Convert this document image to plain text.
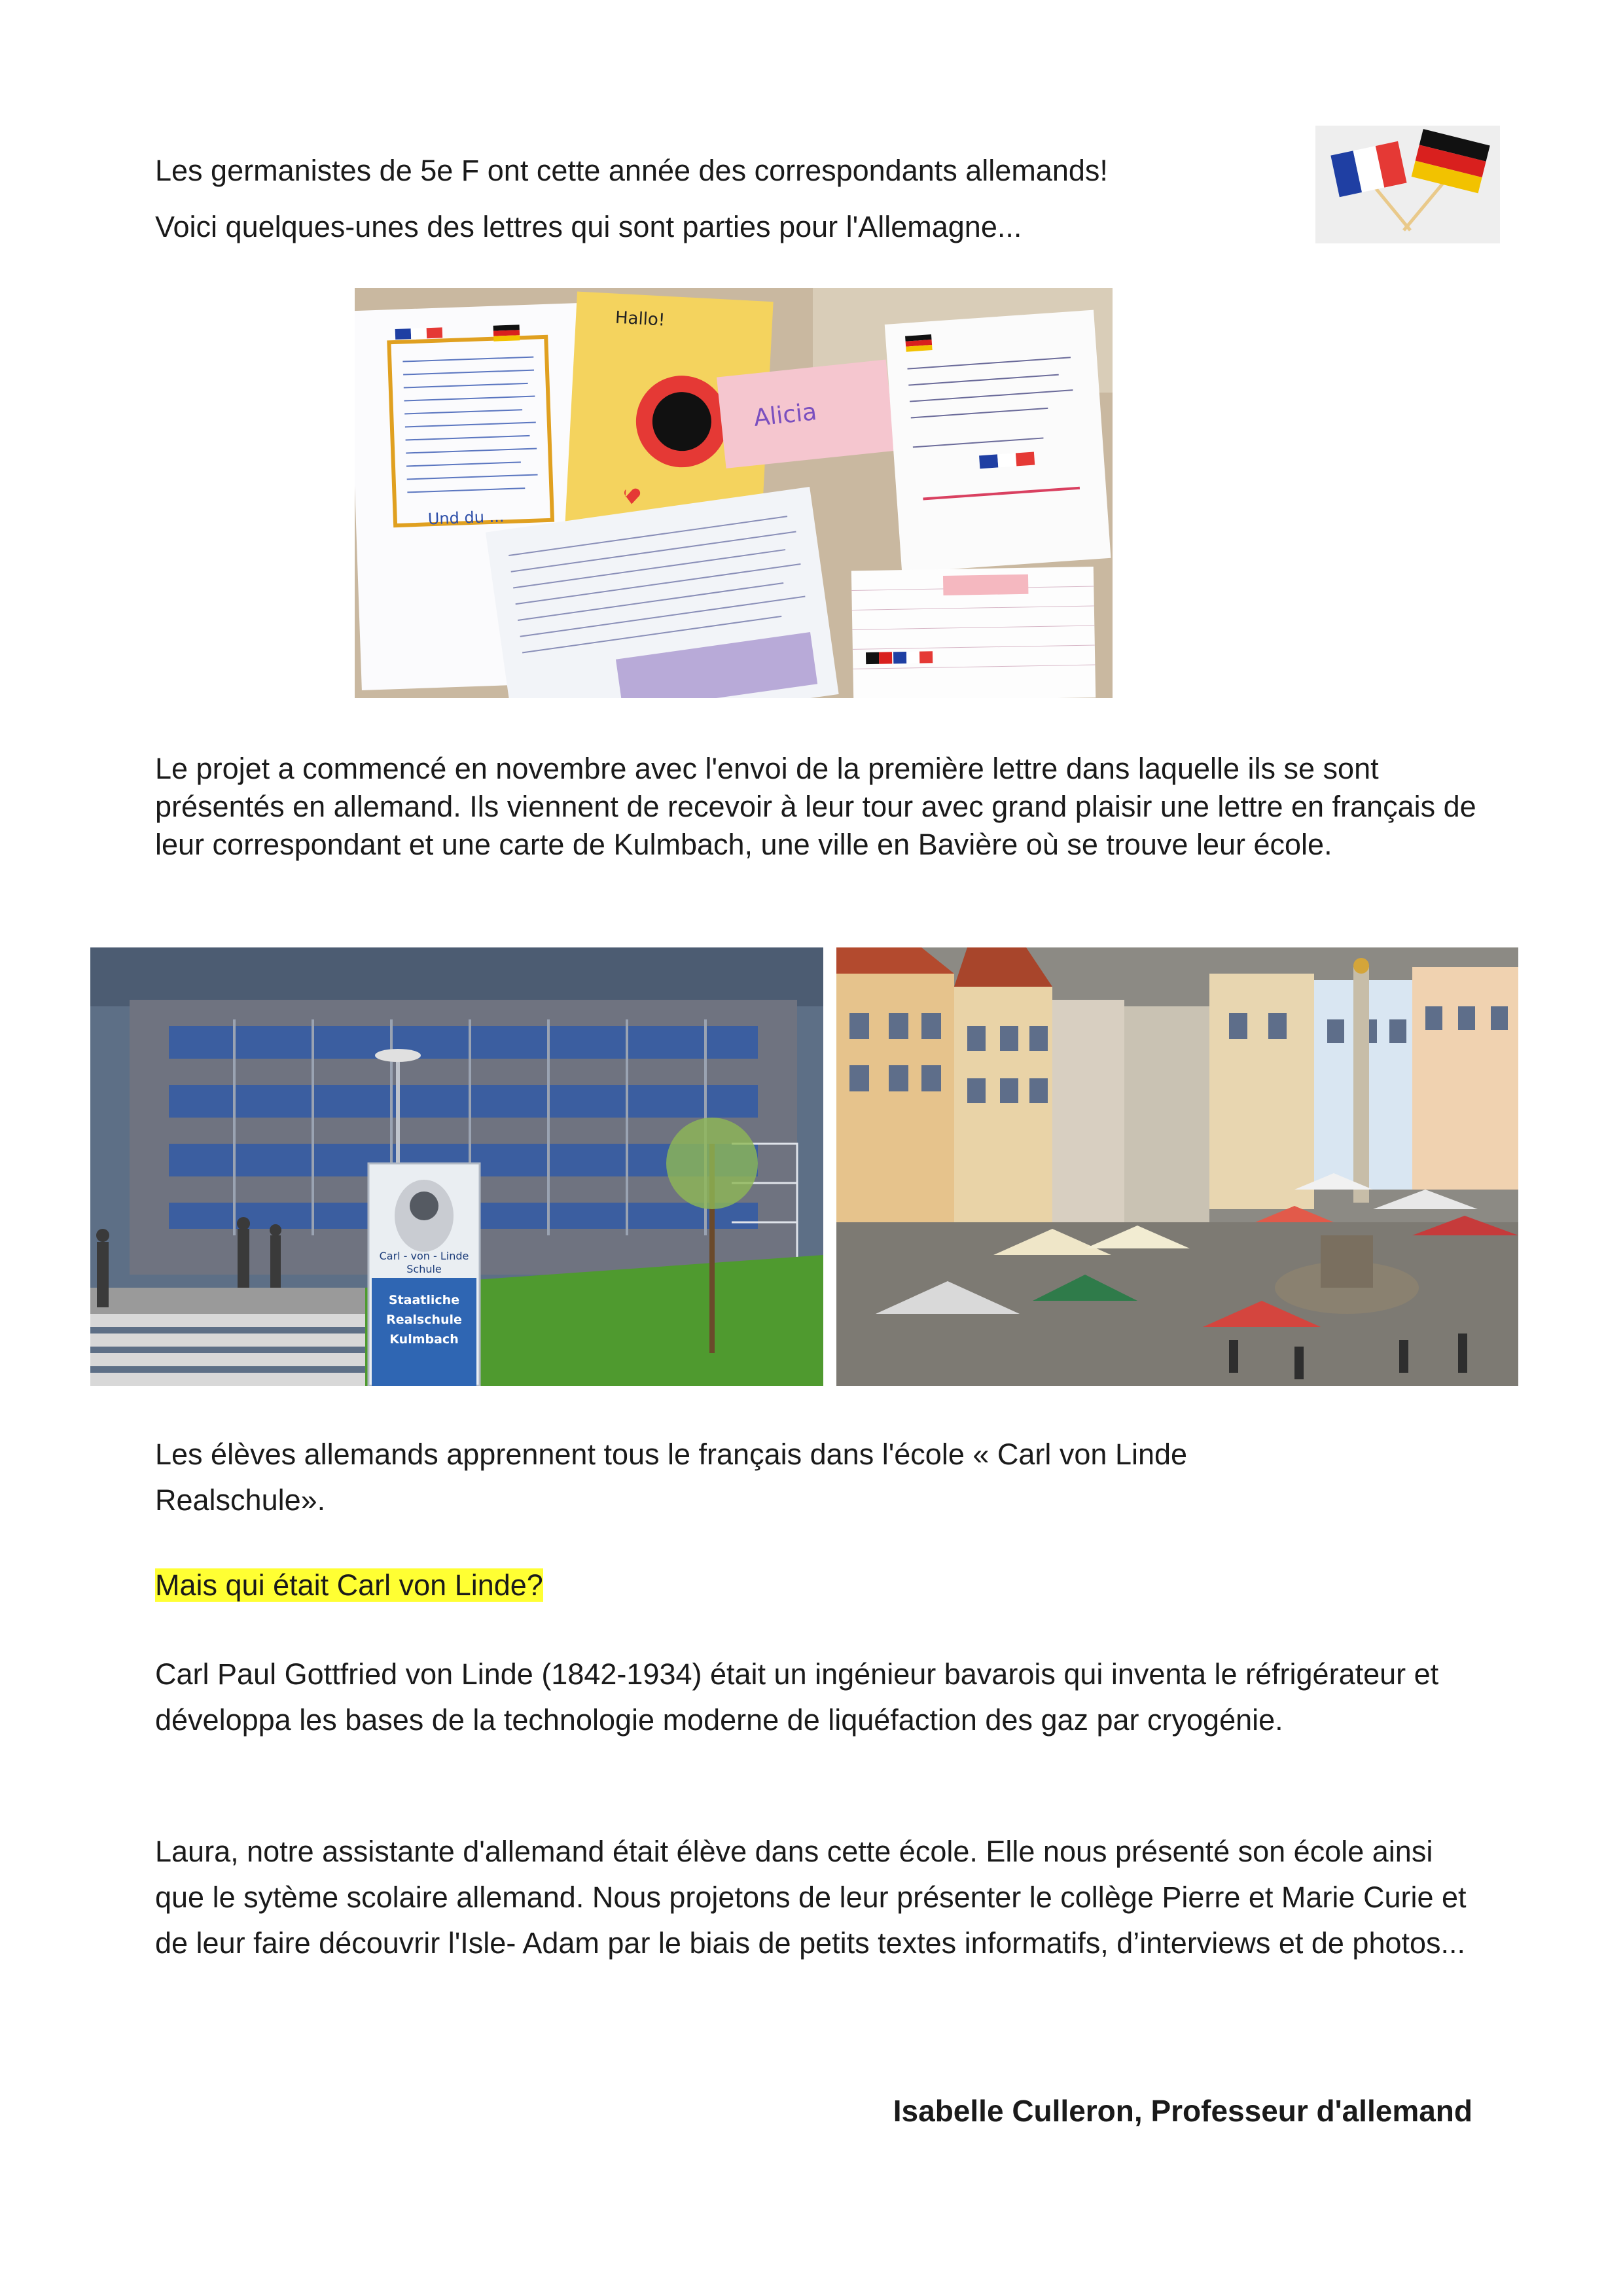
Les germanistes de 5e F ont cette année des correspondants allemands!

Voici quelques-unes des lettres qui sont parties pour l'Allemagne...

Und du ...
Hallo!
Alicia

Le projet a commencé en novembre avec l'envoi de la première lettre dans laquelle ils se sont présentés en allemand. Ils viennent de recevoir à leur tour avec grand plaisir une lettre en français de leur correspondant et une carte de Kulmbach, une ville en Bavière où se trouve leur école.

Carl - von - Linde
Schule
Staatliche
Realschule
Kulmbach

Les élèves allemands apprennent tous le français dans l'école « Carl von Linde Realschule».

Mais qui était Carl von Linde?

Carl Paul Gottfried von Linde (1842-1934) était un ingénieur bavarois qui inventa le réfrigérateur et développa les bases de la technologie moderne de liquéfaction des gaz par cryogénie.

Laura, notre assistante d'allemand était élève dans cette école. Elle nous présenté son école ainsi que le sytème scolaire allemand. Nous projetons de leur présenter le collège Pierre et Marie Curie et de leur faire découvrir l'Isle- Adam par le biais de petits textes informatifs, d’interviews et de photos...

Isabelle Culleron, Professeur d'allemand
